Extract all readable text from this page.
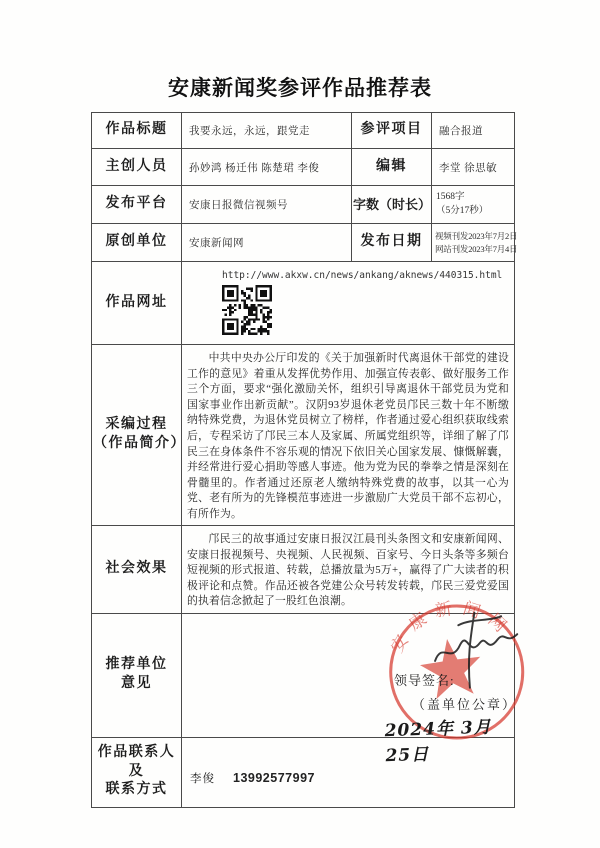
安康新闻奖参评作品推荐表
作品标题	我要永远，永远，跟党走	参评项目	融合报道
主创人员	孙妙鸿 杨迁伟 陈楚珺 李俊	编辑	李堂 徐思敏
发布平台	安康日报微信视频号	字数（时长）	1568字
（5分17秒）

原创单位	安康新闻网	发布日期	视频刊发2023年7月2日
网站刊发2023年7月4日

作品网址	http://www.akxw.cn/news/ankang/aknews/440315.html		

采编过程
（作品简介）	中共中央办公厅印发的《关于加强新时代离退休干部党的建设工作的意见》着重从发挥优势作用、加强宣传表彰、做好服务工作三个方面，要求“强化激励关怀，组织引导离退休干部党员为党和国家事业作出新贡献”。汉阴93岁退休老党员邝民三数十年不断缴纳特殊党费，为退休党员树立了榜样，作者通过爱心组织获取线索后，专程采访了邝民三本人及家属、所属党组织等，详细了解了邝民三在身体条件不容乐观的情况下依旧关心国家发展、慷慨解囊，并经常进行爱心捐助等感人事迹。他为党为民的拳拳之情是深刻在骨髓里的。作者通过还原老人缴纳特殊党费的故事，以其一心为党、老有所为的先锋模范事迹进一步激励广大党员干部不忘初心，有所作为。		

社会效果	邝民三的故事通过安康日报汉江晨刊头条图文和安康新闻网、安康日报视频号、央视频、人民视频、百家号、今日头条等多频台短视频的形式报道、转载，总播放量为5万+，赢得了广大读者的积极评论和点赞。作品还被各党建公众号转发转载，邝民三爱党爱国的执着信念掀起了一股红色浪潮。		

推荐单位
意见

安康新闻网
领导签名:
（盖单位公章）
2024年 3月25日

作品联系人及
联系方式	李俊 13992577997		
